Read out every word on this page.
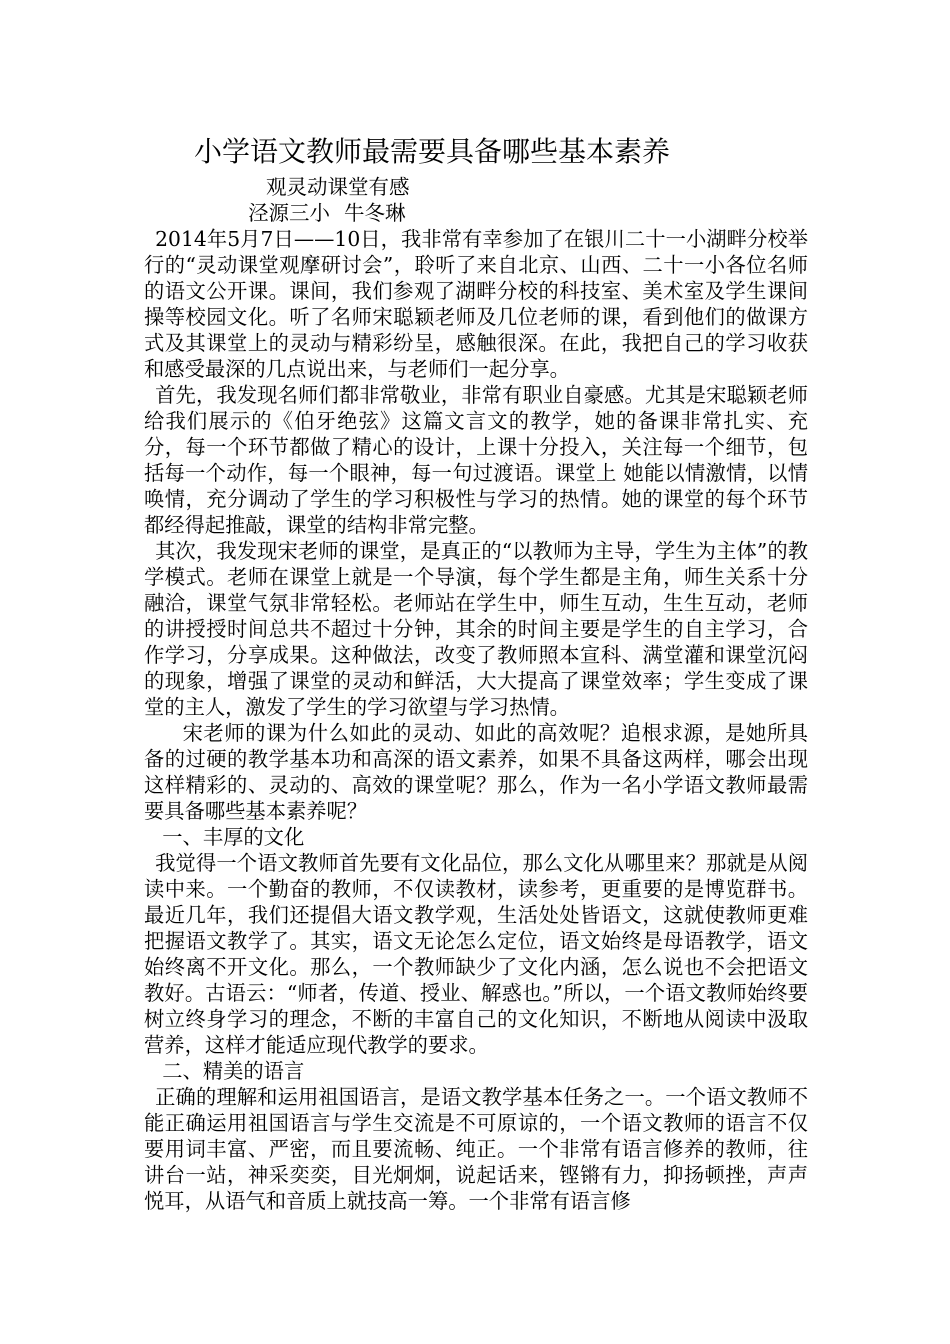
小学语文教师最需要具备哪些基本素养
观灵动课堂有感
泾源三小 牛冬琳

2014年5月7日——10日，我非常有幸参加了在银川二十一小湖畔分校举行的“灵动课堂观摩研讨会”，聆听了来自北京、山西、二十一小各位名师的语文公开课。课间，我们参观了湖畔分校的科技室、美术室及学生课间操等校园文化。听了名师宋聪颖老师及几位老师的课，看到他们的做课方式及其课堂上的灵动与精彩纷呈，感触很深。在此，我把自己的学习收获和感受最深的几点说出来，与老师们一起分享。

首先，我发现名师们都非常敬业，非常有职业自豪感。尤其是宋聪颖老师给我们展示的《伯牙绝弦》这篇文言文的教学，她的备课非常扎实、充分，每一个环节都做了精心的设计，上课十分投入，关注每一个细节，包括每一个动作，每一个眼神，每一句过渡语。课堂上 她能以情激情，以情唤情，充分调动了学生的学习积极性与学习的热情。她的课堂的每个环节都经得起推敲，课堂的结构非常完整。

其次，我发现宋老师的课堂，是真正的“以教师为主导，学生为主体”的教学模式。老师在课堂上就是一个导演，每个学生都是主角，师生关系十分融洽，课堂气氛非常轻松。老师站在学生中，师生互动，生生互动，老师的讲授授时间总共不超过十分钟，其余的时间主要是学生的自主学习，合作学习，分享成果。这种做法，改变了教师照本宣科、满堂灌和课堂沉闷的现象，增强了课堂的灵动和鲜活，大大提高了课堂效率；学生变成了课堂的主人，激发了学生的学习欲望与学习热情。

宋老师的课为什么如此的灵动、如此的高效呢？追根求源，是她所具备的过硬的教学基本功和高深的语文素养，如果不具备这两样，哪会出现这样精彩的、灵动的、高效的课堂呢？那么，作为一名小学语文教师最需要具备哪些基本素养呢？

一、丰厚的文化

我觉得一个语文教师首先要有文化品位，那么文化从哪里来？那就是从阅读中来。一个勤奋的教师，不仅读教材，读参考，更重要的是博览群书。最近几年，我们还提倡大语文教学观，生活处处皆语文，这就使教师更难把握语文教学了。其实，语文无论怎么定位，语文始终是母语教学，语文始终离不开文化。那么，一个教师缺少了文化内涵，怎么说也不会把语文教好。古语云：“师者，传道、授业、解惑也。”所以，一个语文教师始终要树立终身学习的理念，不断的丰富自己的文化知识，不断地从阅读中汲取营养，这样才能适应现代教学的要求。

二、精美的语言

正确的理解和运用祖国语言，是语文教学基本任务之一。一个语文教师不能正确运用祖国语言与学生交流是不可原谅的，一个语文教师的语言不仅要用词丰富、严密，而且要流畅、纯正。一个非常有语言修养的教师，往讲台一站，神采奕奕，目光炯炯，说起话来，铿锵有力，抑扬顿挫，声声悦耳，从语气和音质上就技高一筹。一个非常有语言修
